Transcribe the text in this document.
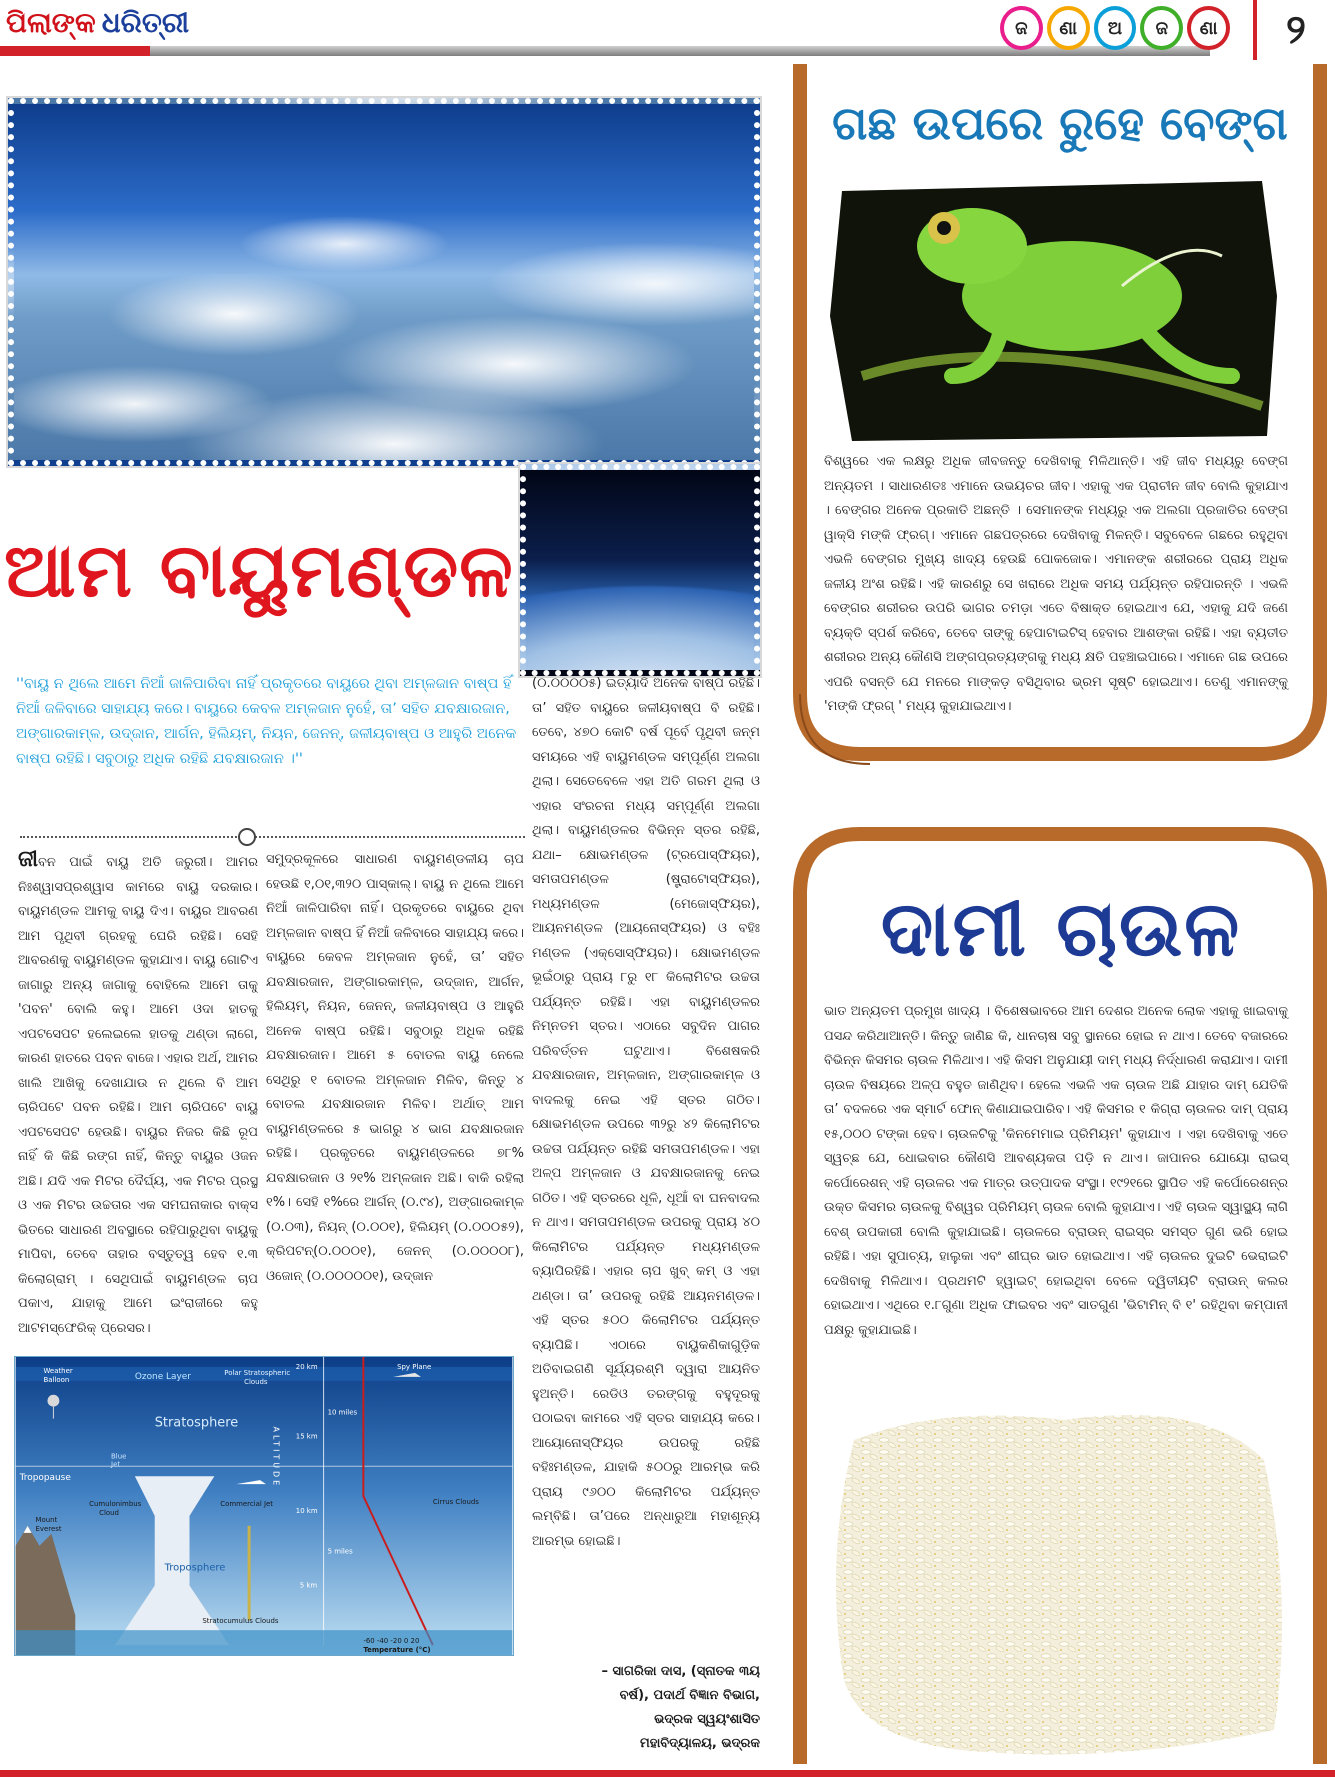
ପିଲାଙ୍କ ଧରିତ୍ରୀ	ଜ	ଣା	ଅ	ଜ	ଣା	୨
ଆମ ବାୟୁମଣ୍ଡଳ
''ବାୟୁ ନ ଥିଲେ ଆମେ ନିଆଁ ଜାଳିପାରିବା ନାହିଁ ପ୍ରକୃତରେ ବାୟୁରେ ଥିବା ଅମ୍ଳଜାନ ବାଷ୍ପ ହିଁ ନିଆଁ ଜଳିବାରେ ସାହାଯ୍ୟ କରେ। ବାୟୁରେ କେବଳ ଅମ୍ଳଜାନ ନୁହେଁ, ତା’ ସହିତ ଯବକ୍ଷାରଜାନ, ଅଙ୍ଗାରକାମ୍ଳ, ଉଦ୍‌ଜାନ, ଆର୍ଗନ, ହିଲିୟମ୍, ନିୟନ, ଜେନନ୍, ଜଳୀୟବାଷ୍ପ ଓ ଆହୁରି ଅନେକ ବାଷ୍ପ ରହିଛି। ସବୁଠାରୁ ଅଧିକ ରହିଛି ଯବକ୍ଷାରଜାନ ।''

ଜୀବନ ପାଇଁ ବାୟୁ ଅତି ଜରୁରୀ। ଆମର ନିଃଶ୍ୱାସପ୍ରଶ୍ୱାସ କାମରେ ବାୟୁ ଦରକାର। ବାୟୁମଣ୍ଡଳ ଆମକୁ ବାୟୁ ଦିଏ। ବାୟୁର ଆବରଣ ଆମ ପୃଥିବୀ ଗ୍ରହକୁ ଘେରି ରହିଛି। ସେହି ଆବରଣକୁ ବାୟୁମଣ୍ଡଳ କୁହାଯାଏ। ବାୟୁ ଗୋଟିଏ ଜାଗାରୁ ଅନ୍ୟ ଜାଗାକୁ ବୋହିଲେ ଆମେ ତାକୁ 'ପବନ' ବୋଲି କହୁ। ଆମେ ଓଦା ହାତକୁ ଏପଟସେପଟ ହଲେଇଲେ ହାତକୁ ଥଣ୍ଡା ଲାଗେ, କାରଣ ହାତରେ ପବନ ବାଜେ। ଏହାର ଅର୍ଥ, ଆମର ଖାଲି ଆଖିକୁ ଦେଖାଯାଉ ନ ଥିଲେ ବି ଆମ ଚାରିପଟେ ପବନ ରହିଛି। ଆମ ଚାରିପଟେ ବାୟୁ ଏପଟସେପଟ ହେଉଛି। ବାୟୁର ନିଜର କିଛି ରୂପ ନାହିଁ କି କିଛି ରଙ୍ଗ ନାହିଁ, କିନ୍ତୁ ବାୟୁର ଓଜନ ଅଛି। ଯଦି ଏକ ମିଟର ଦୈର୍ଘ୍ୟ, ଏକ ମିଟର ପ୍ରସ୍ଥ ଓ ଏକ ମିଟର ଉଚ୍ଚତାର ଏକ ସମଘନାକାର ବାକ୍ସ ଭିତରେ ସାଧାରଣ ଅବସ୍ଥାରେ ରହିପାରୁଥିବା ବାୟୁକୁ ମାପିବା, ତେବେ ତାହାର ବସ୍ତୁତ୍ୱ ହେବ ୧.୩ କିଲୋଗ୍ରାମ୍ । ସେଥିପାଇଁ ବାୟୁମଣ୍ଡଳ ଚାପ ପକାଏ, ଯାହାକୁ ଆମେ ଇଂରାଜୀରେ କହୁ ଆଟମସ୍ଫେରିକ୍ ପ୍ରେସର।

ସମୁଦ୍ରକୂଳରେ ସାଧାରଣ ବାୟୁମଣ୍ଡଳୀୟ ଚାପ ହେଉଛି ୧,୦୧,୩୨୦ ପାସ୍କାଲ୍। ବାୟୁ ନ ଥିଲେ ଆମେ ନିଆଁ ଜାଳିପାରିବା ନାହିଁ। ପ୍ରକୃତରେ ବାୟୁରେ ଥିବା ଅମ୍ଳଜାନ ବାଷ୍ପ ହିଁ ନିଆଁ ଜଳିବାରେ ସାହାଯ୍ୟ କରେ। ବାୟୁରେ କେବଳ ଅମ୍ଳଜାନ ନୁହେଁ, ତା’ ସହିତ ଯବକ୍ଷାରଜାନ, ଅଙ୍ଗାରକାମ୍ଳ, ଉଦ୍‌ଜାନ, ଆର୍ଗନ, ହିଲିୟମ୍, ନିୟନ, ଜେନନ୍, ଜଳୀୟବାଷ୍ପ ଓ ଆହୁରି ଅନେକ ବାଷ୍ପ ରହିଛି। ସବୁଠାରୁ ଅଧିକ ରହିଛି ଯବକ୍ଷାରଜାନ। ଆମେ ୫ ବୋତଲ ବାୟୁ ନେଲେ ସେଥିରୁ ୧ ବୋତଲ ଅମ୍ଳଜାନ ମିଳିବ, କିନ୍ତୁ ୪ ବୋତଲ ଯବକ୍ଷାରଜାନ ମିଳିବ। ଅର୍ଥାତ୍ ଆମ ବାୟୁମଣ୍ଡଳରେ ୫ ଭାଗରୁ ୪ ଭାଗ ଯବକ୍ଷାରଜାନ ରହିଛି। ପ୍ରକୃତରେ ବାୟୁମଣ୍ଡଳରେ ୭୮% ଯବକ୍ଷାରଜାନ ଓ ୨୧% ଅମ୍ଳଜାନ ଅଛି। ବାକି ରହିଲା ୧%। ସେହି ୧%ରେ ଆର୍ଗନ୍ (୦.୯୪), ଅଙ୍ଗାରକାମ୍ଳ (୦.୦୩), ନିୟନ୍ (୦.୦୦୧), ହିଲିୟମ୍ (୦.୦୦୦୫୨), କ୍ରିପଟନ୍(୦.୦୦୦୧), ଜେନନ୍ (୦.୦୦୦୦୮), ଓଜୋନ୍ (୦.୦୦୦୦୦୧), ଉଦ୍‌ଜାନ

(୦.୦୦୦୦୫) ଇତ୍ୟାଦି ଅନେକ ବାଷ୍ପ ରହିଛି। ତା’ ସହିତ ବାୟୁରେ ଜଳୀୟବାଷ୍ପ ବି ରହିଛି। ତେବେ, ୪୭୦ କୋଟି ବର୍ଷ ପୂର୍ବେ ପୃଥିବୀ ଜନ୍ମ ସମୟରେ ଏହି ବାୟୁମଣ୍ଡଳ ସମ୍ପୂର୍ଣ୍ଣ ଅଲଗା ଥିଲା। ସେତେବେଳେ ଏହା ଅତି ଗରମ ଥିଲା ଓ ଏହାର ସଂରଚନା ମଧ୍ୟ ସମ୍ପୂର୍ଣ୍ଣ ଅଲଗା ଥିଲା। ବାୟୁମଣ୍ଡଳର ବିଭିନ୍ନ ସ୍ତର ରହିଛି, ଯଥା– କ୍ଷୋଭମଣ୍ଡଳ (ଟ୍ରପୋସ୍ଫିୟର), ସମତାପମଣ୍ଡଳ (ଷ୍ଟ୍ରାଟୋସ୍ଫିୟର), ମଧ୍ୟମଣ୍ଡଳ (ମେଜୋସ୍ଫିୟର), ଆୟନମଣ୍ଡଳ (ଆୟନୋସ୍ଫିୟର) ଓ ବହିଃ ମଣ୍ଡଳ (ଏକ୍ସୋସ୍ଫିୟର)। କ୍ଷୋଭମଣ୍ଡଳ ଭୂଇଁଠାରୁ ପ୍ରାୟ ୮ରୁ ୧୮ କିଲୋମିଟର ଉଚ୍ଚତା ପର୍ଯ୍ୟନ୍ତ ରହିଛି। ଏହା ବାୟୁମଣ୍ଡଳର ନିମ୍ନତମ ସ୍ତର। ଏଠାରେ ସବୁଦିନ ପାଗର ପରିବର୍ତ୍ତନ ଘଟୁଥାଏ। ବିଶେଷକରି ଯବକ୍ଷାରଜାନ, ଅମ୍ଳଜାନ, ଅଙ୍ଗାରକାମ୍ଳ ଓ ବାଦଲକୁ ନେଇ ଏହି ସ୍ତର ଗଠିତ। କ୍ଷୋଭମଣ୍ଡଳ ଉପରେ ୩୨ରୁ ୪୨ କିଲୋମିଟର ଉଚ୍ଚତା ପର୍ଯ୍ୟନ୍ତ ରହିଛି ସମତାପମଣ୍ଡଳ। ଏହା ଅଳ୍ପ ଅମ୍ଳଜାନ ଓ ଯବକ୍ଷାରଜାନକୁ ନେଇ ଗଠିତ। ଏହି ସ୍ତରରେ ଧୂଳି, ଧୂଆଁ ବା ଘନବାଦଲ ନ ଥାଏ। ସମତାପମଣ୍ଡଳ ଉପରକୁ ପ୍ରାୟ ୪୦ କିଲୋମିଟର ପର୍ଯ୍ୟନ୍ତ ମଧ୍ୟମଣ୍ଡଳ ବ୍ୟାପିରହିଛି। ଏହାର ଚାପ ଖୁବ୍ କମ୍ ଓ ଏହା ଥଣ୍ଡା। ତା’ ଉପରକୁ ରହିଛି ଆୟନମଣ୍ଡଳ। ଏହି ସ୍ତର ୫୦୦ କିଲୋମିଟର ପର୍ଯ୍ୟନ୍ତ ବ୍ୟାପିଛି। ଏଠାରେ ବାୟୁକଣିକାଗୁଡ଼ିକ ଅତିବାଇଗଣି ସୂର୍ଯ୍ୟରଶ୍ମି ଦ୍ୱାରା ଆୟନିତ ହୁଅନ୍ତି। ରେଡିଓ ତରଙ୍ଗକୁ ବହୁଦୂରକୁ ପଠାଇବା କାମରେ ଏହି ସ୍ତର ସାହାଯ୍ୟ କରେ। ଆୟୋନୋସ୍ଫିୟର ଉପରକୁ ରହିଛି ବହିଃମଣ୍ଡଳ, ଯାହାକି ୫୦୦ରୁ ଆରମ୍ଭ କରି ପ୍ରାୟ ୯୬୦୦ କିଲୋମିଟର ପର୍ଯ୍ୟନ୍ତ ଲମ୍ବିଛି। ତା’ପରେ ଅନ୍ଧାରୁଆ ମହାଶୂନ୍ୟ ଆରମ୍ଭ ହୋଇଛି।

– ସାଗରିକା ଦାସ, (ସ୍ନାତକ ୩ୟ
ବର୍ଷ), ପଦାର୍ଥ ବିଜ୍ଞାନ ବିଭାଗ,
ଭଦ୍ରକ ସ୍ୱୟଂଶାସିତ
ମହାବିଦ୍ୟାଳୟ, ଭଦ୍ରକ
Ozone Layer	Polar Stratospheric
Clouds
Stratosphere
Weather
Balloon
Spy Plane
20 km
15 km
10 km
5 km
10 miles
5 miles
ALTITUDE
Blue
Jet
Tropopause
Cumulonimbus
Cloud
Commercial Jet	Cirrus Clouds
Mount
Everest
Troposphere
Stratocumulus Clouds
-60 -40 -20 0 20
Temperature (°C)
ଗଛ ଉପରେ ରୁହେ ବେଙ୍ଗ
ବିଶ୍ୱରେ ଏକ ଲକ୍ଷରୁ ଅଧିକ ଜୀବଜନ୍ତୁ ଦେଖିବାକୁ ମିଳିଥାନ୍ତି। ଏହି ଜୀବ ମଧ୍ୟରୁ ବେଙ୍ଗ ଅନ୍ୟତମ । ସାଧାରଣତଃ ଏମାନେ ଉଭୟଚର ଜୀବ। ଏହାକୁ ଏକ ପ୍ରାଚୀନ ଜୀବ ବୋଲି କୁହାଯାଏ । ବେଙ୍ଗର ଅନେକ ପ୍ରକାତି ଅଛନ୍ତି । ସେମାନଙ୍କ ମଧ୍ୟରୁ ଏକ ଅଲଗା ପ୍ରଜାତିର ବେଙ୍ଗ ୱାକ୍ସି ମଙ୍କି ଫ୍ରଗ୍। ଏମାନେ ଗଛପତ୍ରରେ ଦେଖିବାକୁ ମିଳନ୍ତି। ସବୁବେଳେ ଗଛରେ ରହୁଥିବା ଏଭଳି ବେଙ୍ଗର ମୁଖ୍ୟ ଖାଦ୍ୟ ହେଉଛି ପୋକଜୋକ। ଏମାନଙ୍କ ଶରୀରରେ ପ୍ରାୟ ଅଧିକ ଜଳୀୟ ଅଂଶ ରହିଛି। ଏହି କାରଣରୁ ସେ ଖରାରେ ଅଧିକ ସମୟ ପର୍ଯ୍ୟନ୍ତ ରହିପାରନ୍ତି । ଏଭଳି ବେଙ୍ଗର ଶରୀରର ଉପରି ଭାଗର ଚମଡ଼ା ଏତେ ବିଷାକ୍ତ ହୋଇଥାଏ ଯେ, ଏହାକୁ ଯଦି ଜଣେ ବ୍ୟକ୍ତି ସ୍ପର୍ଶ କରିବେ, ତେବେ ତାଙ୍କୁ ହେପାଟାଇଟିସ୍ ହେବାର ଆଶଙ୍କା ରହିଛି। ଏହା ବ୍ୟତୀତ ଶରୀରର ଅନ୍ୟ କୌଣସି ଅଙ୍ଗପ୍ରତ୍ୟଙ୍ଗକୁ ମଧ୍ୟ କ୍ଷତି ପହଞ୍ଚାଇପାରେ। ଏମାନେ ଗଛ ଉପରେ ଏପରି ବସନ୍ତି ଯେ ମନରେ ମାଙ୍କଡ଼ ବସିଥିବାର ଭ୍ରମ ସୃଷ୍ଟି ହୋଇଥାଏ। ତେଣୁ ଏମାନଙ୍କୁ 'ମଙ୍କି ଫ୍ରଗ୍ ' ମଧ୍ୟ କୁହାଯାଇଥାଏ।
ଦାମୀ ଚାଉଳ
ଭାତ ଅନ୍ୟତମ ପ୍ରମୁଖ ଖାଦ୍ୟ । ବିଶେଷଭାବରେ ଆମ ଦେଶର ଅନେକ ଲୋକ ଏହାକୁ ଖାଇବାକୁ ପସନ୍ଦ କରିଥାଆନ୍ତି। କିନ୍ତୁ ଜାଣିଛ କି, ଧାନଚାଷ ସବୁ ସ୍ଥାନରେ ହୋଇ ନ ଥାଏ। ତେବେ ବଜାରରେ ବିଭିନ୍ନ କିସମର ଚାଉଳ ମିଳିଥାଏ। ଏହି କିସମ ଅନୁଯାୟୀ ଦାମ୍ ମଧ୍ୟ ନିର୍ଦ୍ଧାରଣ କରାଯାଏ। ଦାମୀ ଚାଉଳ ବିଷୟରେ ଅଳ୍ପ ବହୁତ ଜାଣିଥିବ। ହେଲେ ଏଭଳି ଏକ ଚାଉଳ ଅଛି ଯାହାର ଦାମ୍ ଯେତିକି ତା’ ବଦଳରେ ଏକ ସ୍ମାର୍ଟ ଫୋନ୍ କିଣାଯାଇପାରିବ। ଏହି କିସମର ୧ କିଗ୍ରା ଚାଉଳର ଦାମ୍ ପ୍ରାୟ ୧୫,୦୦୦ ଟଙ୍କା ହେବ। ଚାଉଳଟିକୁ 'କିନମେମାଇ ପ୍ରିମିୟମ' କୁହାଯାଏ । ଏହା ଦେଖିବାକୁ ଏତେ ସ୍ୱଚ୍ଛ ଯେ, ଧୋଇବାର କୌଣସି ଆବଶ୍ୟକତା ପଡ଼ି ନ ଥାଏ। ଜାପାନର ଯୋୟୋ ରାଇସ୍ କର୍ପୋରେଶନ୍ ଏହି ଚାଉଳର ଏକ ମାତ୍ର ଉତ୍ପାଦକ ସଂସ୍ଥା। ୧୯୨୧ରେ ସ୍ଥାପିତ ଏହି କର୍ପୋରେଶନ୍‌ର ଉକ୍ତ କିସମର ଚାଉଳକୁ ବିଶ୍ୱର ପ୍ରିମିୟମ୍ ଚାଉଳ ବୋଲି କୁହାଯାଏ। ଏହି ଚାଉଳ ସ୍ୱାସ୍ଥ୍ୟ ଲାଗି ବେଶ୍ ଉପକାରୀ ବୋଲି କୁହାଯାଇଛି। ଚାଉଳରେ ବ୍ରାଉନ୍ ରାଇସ୍‌ର ସମସ୍ତ ଗୁଣ ଭରି ହୋଇ ରହିଛି। ଏହା ସୁପାଚ୍ୟ, ହାଲୁକା ଏବଂ ଶୀଘ୍ର ଭାତ ହୋଇଥାଏ। ଏହି ଚାଉଳର ଦୁଇଟି ଭେରାଇଟି ଦେଖିବାକୁ ମିଳିଥାଏ। ପ୍ରଥମଟି ହ୍ୱାଇଟ୍ ହୋଇଥିବା ବେଳେ ଦ୍ୱିତୀୟଟି ବ୍ରାଉନ୍ କଲର ହୋଇଥାଏ। ଏଥିରେ ୧.୮ଗୁଣା ଅଧିକ ଫାଇବର ଏବଂ ସାତଗୁଣ 'ଭିଟାମିନ୍ ବି ୧' ରହିଥିବା କମ୍ପାନୀ ପକ୍ଷରୁ କୁହାଯାଇଛି।
